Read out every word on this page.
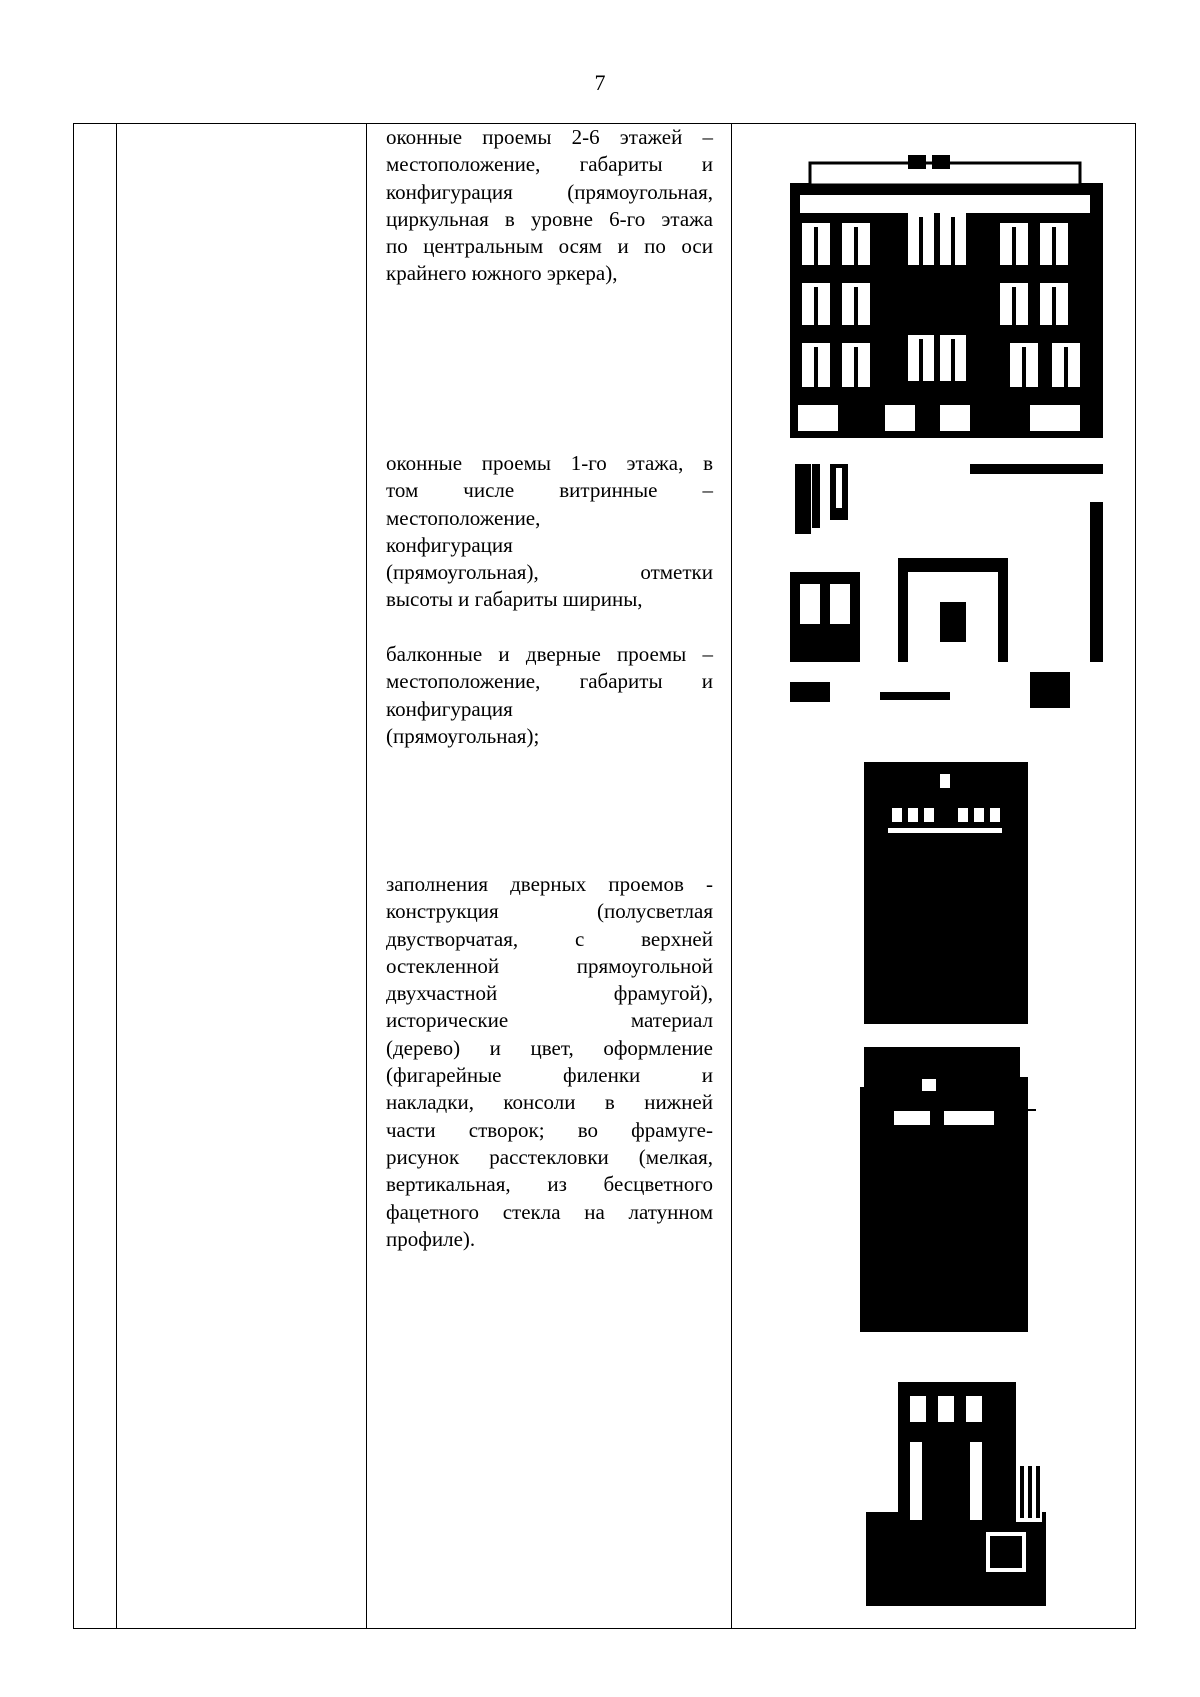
7
оконные проемы 2-6 этажей –
местоположение, габариты и
конфигурация (прямоугольная,
циркульная в уровне 6-го этажа
по центральным осям и по оси
крайнего южного эркера),
оконные проемы 1-го этажа, в
том числе витринные –
местоположение,
конфигурация
(прямоугольная), отметки
высоты и габариты ширины,
балконные и дверные проемы –
местоположение, габариты и
конфигурация
(прямоугольная);
заполнения дверных проемов -
конструкция (полусветлая
двустворчатая, с верхней
остекленной прямоугольной
двухчастной фрамугой),
исторические материал
(дерево) и цвет, оформление
(фигарейные филенки и
накладки, консоли в нижней
части створок; во фрамуге-
рисунок расстекловки (мелкая,
вертикальная, из бесцветного
фацетного стекла на латунном
профиле).
